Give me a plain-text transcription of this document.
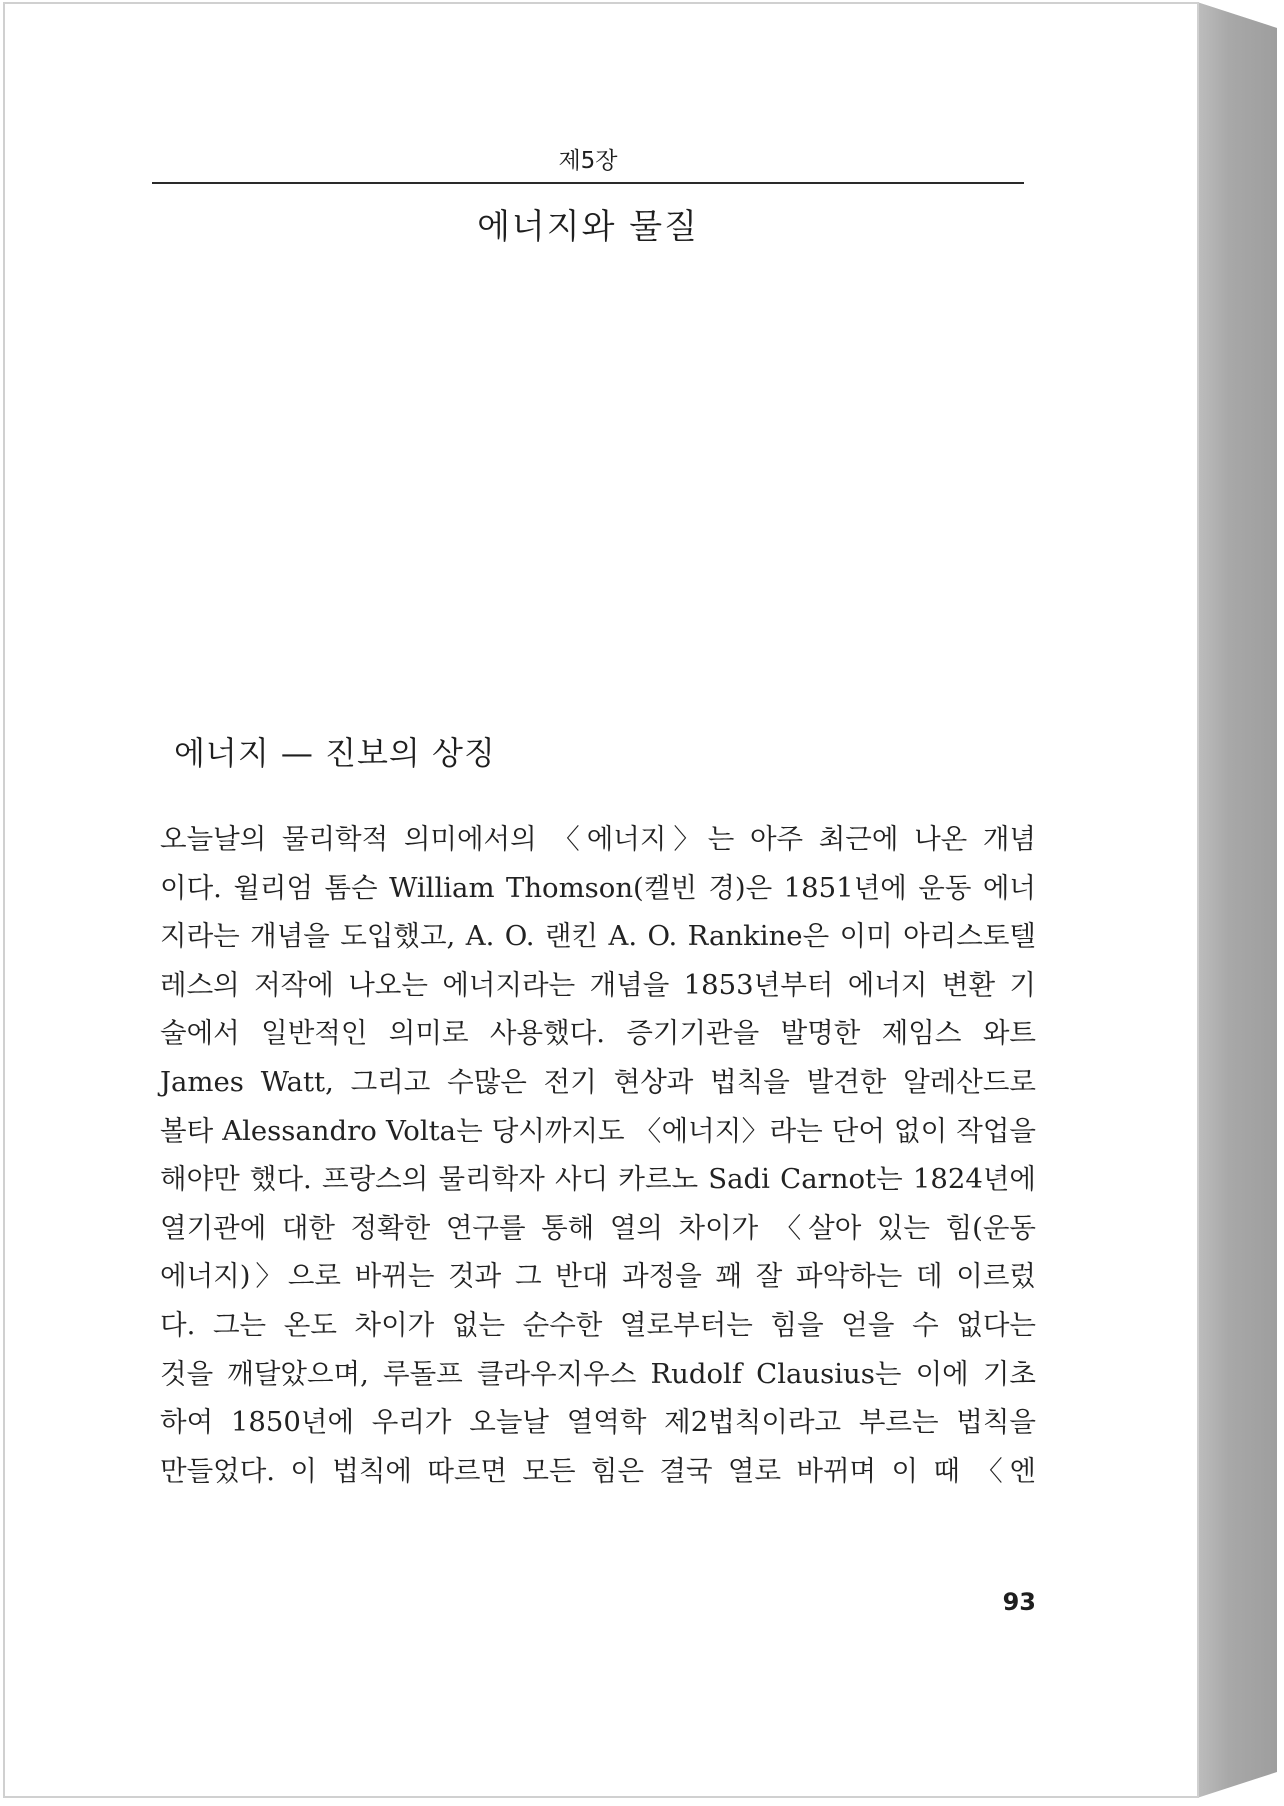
제5장
에너지와 물질
에너지 — 진보의 상징
오늘날의 물리학적 의미에서의 〈에너지〉는 아주 최근에 나온 개념
이다. 윌리엄 톰슨 William Thomson(켈빈 경)은 1851년에 운동 에너
지라는 개념을 도입했고, A. O. 랜킨 A. O. Rankine은 이미 아리스토텔
레스의 저작에 나오는 에너지라는 개념을 1853년부터 에너지 변환 기
술에서 일반적인 의미로 사용했다. 증기기관을 발명한 제임스 와트
James Watt, 그리고 수많은 전기 현상과 법칙을 발견한 알레산드로
볼타 Alessandro Volta는 당시까지도 〈에너지〉라는 단어 없이 작업을
해야만 했다. 프랑스의 물리학자 사디 카르노 Sadi Carnot는 1824년에
열기관에 대한 정확한 연구를 통해 열의 차이가 〈살아 있는 힘(운동
에너지)〉으로 바뀌는 것과 그 반대 과정을 꽤 잘 파악하는 데 이르렀
다. 그는 온도 차이가 없는 순수한 열로부터는 힘을 얻을 수 없다는
것을 깨달았으며, 루돌프 클라우지우스 Rudolf Clausius는 이에 기초
하여 1850년에 우리가 오늘날 열역학 제2법칙이라고 부르는 법칙을
만들었다. 이 법칙에 따르면 모든 힘은 결국 열로 바뀌며 이 때 〈엔
93
